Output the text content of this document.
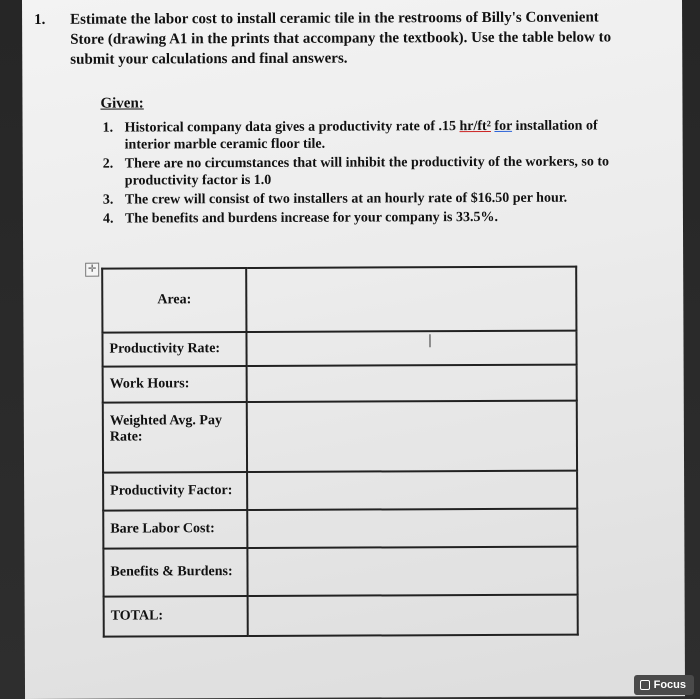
1. Estimate the labor cost to install ceramic tile in the restrooms of Billy's Convenient Store (drawing A1 in the prints that accompany the textbook). Use the table below to submit your calculations and final answers.
Given:
1. Historical company data gives a productivity rate of .15 hr/ft² for installation of interior marble ceramic floor tile.
2. There are no circumstances that will inhibit the productivity of the workers, so to productivity factor is 1.0
3. The crew will consist of two installers at an hourly rate of $16.50 per hour.
4. The benefits and burdens increase for your company is 33.5%.
✛
Area:	
Productivity Rate:	
Work Hours:	
Weighted Avg. Pay Rate:	
Productivity Factor:	
Bare Labor Cost:	
Benefits & Burdens:	
TOTAL:	
Focus
